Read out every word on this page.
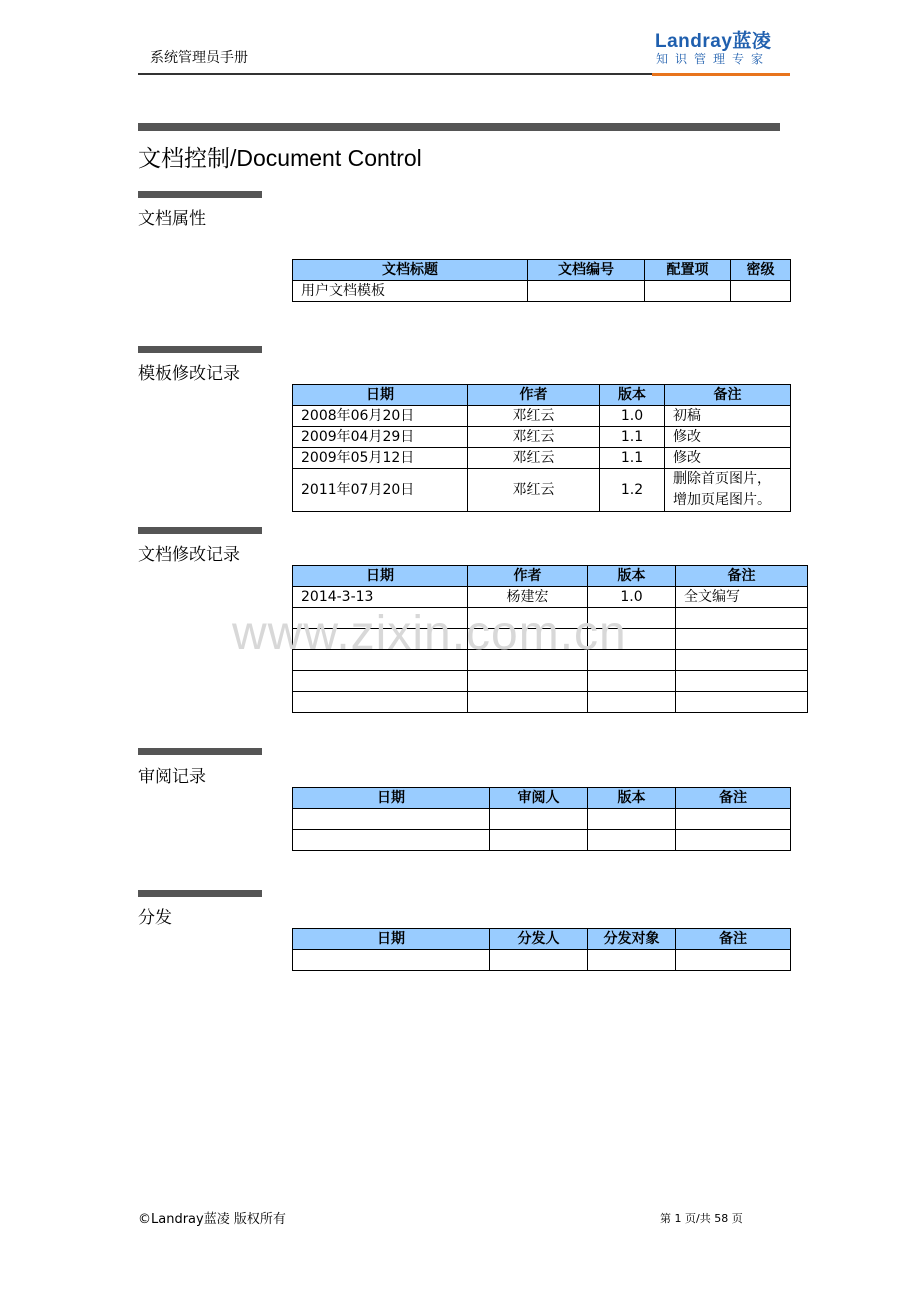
系统管理员手册
Landray蓝凌
知识管理专家
文档控制/Document Control
文档属性
文档标题	文档编号	配置项	密级
用户文档模板			
模板修改记录
日期	作者	版本	备注
2008年06月20日	邓红云	1.0	初稿
2009年04月29日	邓红云	1.1	修改
2009年05月12日	邓红云	1.1	修改
2011年07月20日	邓红云	1.2	删除首页图片，增加页尾图片。
文档修改记录
日期	作者	版本	备注
2014-3-13	杨建宏	1.0	全文编写

www.zixin.com.cn
审阅记录
日期	审阅人	版本	备注

分发
日期	分发人	分发对象	备注

©Landray蓝凌 版权所有	第 1 页/共 58 页
